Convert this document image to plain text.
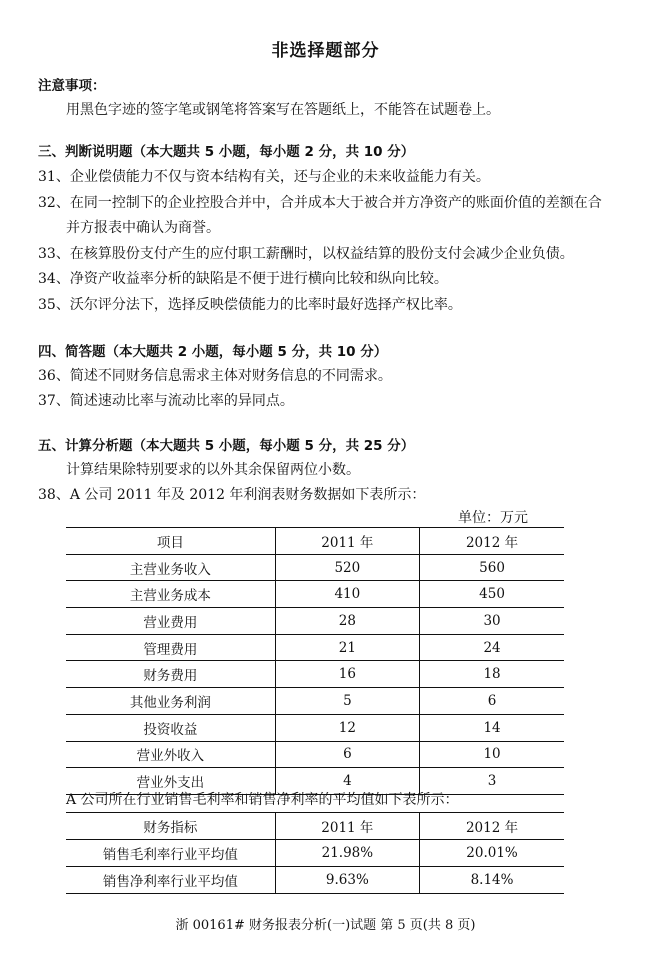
非选择题部分
注意事项：
用黑色字迹的签字笔或钢笔将答案写在答题纸上，不能答在试题卷上。
三、判断说明题（本大题共 5 小题，每小题 2 分，共 10 分）
31、企业偿债能力不仅与资本结构有关，还与企业的未来收益能力有关。
32、在同一控制下的企业控股合并中，合并成本大于被合并方净资产的账面价值的差额在合
并方报表中确认为商誉。
33、在核算股份支付产生的应付职工薪酬时，以权益结算的股份支付会减少企业负债。
34、净资产收益率分析的缺陷是不便于进行横向比较和纵向比较。
35、沃尔评分法下，选择反映偿债能力的比率时最好选择产权比率。
四、简答题（本大题共 2 小题，每小题 5 分，共 10 分）
36、简述不同财务信息需求主体对财务信息的不同需求。
37、简述速动比率与流动比率的异同点。
五、计算分析题（本大题共 5 小题，每小题 5 分，共 25 分）
计算结果除特别要求的以外其余保留两位小数。
38、A 公司 2011 年及 2012 年利润表财务数据如下表所示：
单位：万元
项目	2011 年	2012 年
主营业务收入	520	560
主营业务成本	410	450
营业费用	28	30
管理费用	21	24
财务费用	16	18
其他业务利润	5	6
投资收益	12	14
营业外收入	6	10
营业外支出	4	3
A 公司所在行业销售毛利率和销售净利率的平均值如下表所示：
财务指标	2011 年	2012 年
销售毛利率行业平均值	21.98%	20.01%
销售净利率行业平均值	9.63%	8.14%
浙 00161# 财务报表分析(一)试题 第 5 页(共 8 页)
